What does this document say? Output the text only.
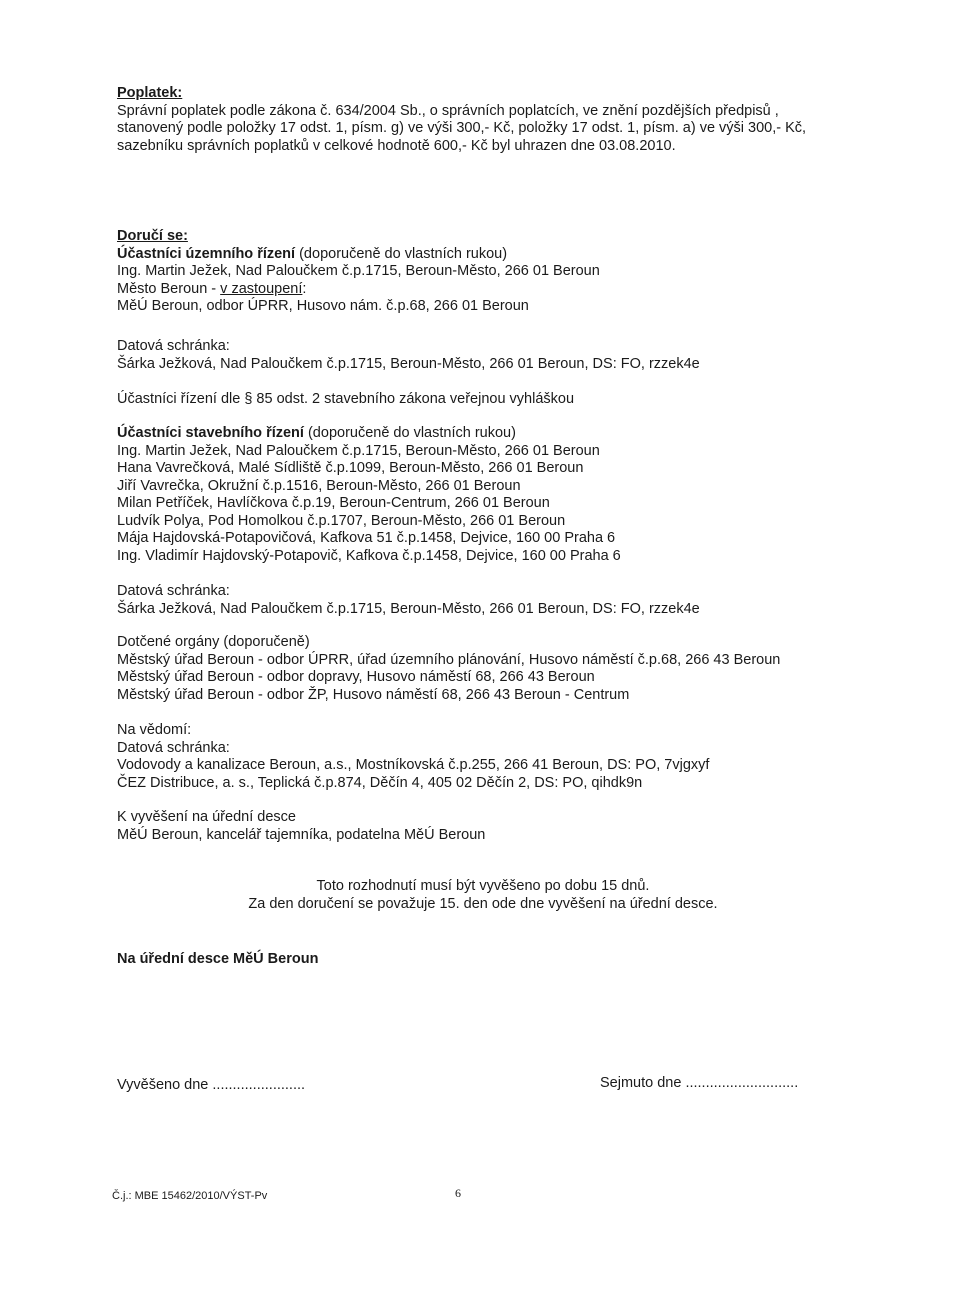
Poplatek:
Správní poplatek podle zákona č. 634/2004 Sb., o správních poplatcích, ve znění pozdějších předpisů ,
stanovený podle položky 17 odst. 1, písm. g) ve výši 300,- Kč, položky 17 odst. 1, písm. a) ve výši 300,- Kč,
sazebníku správních poplatků v celkové hodnotě 600,- Kč byl uhrazen dne 03.08.2010.
Doručí se:
Účastníci územního řízení (doporučeně do vlastních rukou)
Ing. Martin Ježek, Nad Paloučkem č.p.1715, Beroun-Město, 266 01 Beroun
Město Beroun - v zastoupení:
MěÚ Beroun, odbor ÚPRR, Husovo nám. č.p.68, 266 01 Beroun
Datová schránka:
Šárka Ježková, Nad Paloučkem č.p.1715, Beroun-Město, 266 01 Beroun, DS: FO, rzzek4e
Účastníci řízení dle § 85 odst. 2 stavebního zákona veřejnou vyhláškou
Účastníci stavebního řízení (doporučeně do vlastních rukou)
Ing. Martin Ježek, Nad Paloučkem č.p.1715, Beroun-Město, 266 01 Beroun
Hana Vavrečková, Malé Sídliště č.p.1099, Beroun-Město, 266 01 Beroun
Jiří Vavrečka, Okružní č.p.1516, Beroun-Město, 266 01 Beroun
Milan Petříček, Havlíčkova č.p.19, Beroun-Centrum, 266 01 Beroun
Ludvík Polya, Pod Homolkou č.p.1707, Beroun-Město, 266 01 Beroun
Mája Hajdovská-Potapovičová, Kafkova 51 č.p.1458, Dejvice, 160 00 Praha 6
Ing. Vladimír Hajdovský-Potapovič, Kafkova č.p.1458, Dejvice, 160 00 Praha 6
Datová schránka:
Šárka Ježková, Nad Paloučkem č.p.1715, Beroun-Město, 266 01 Beroun, DS: FO, rzzek4e
Dotčené orgány (doporučeně)
Městský úřad Beroun - odbor ÚPRR, úřad územního plánování, Husovo náměstí č.p.68, 266 43 Beroun
Městský úřad Beroun - odbor dopravy, Husovo náměstí 68, 266 43 Beroun
Městský úřad Beroun - odbor ŽP, Husovo náměstí 68, 266 43 Beroun - Centrum
Na vědomí:
Datová schránka:
Vodovody a kanalizace Beroun, a.s., Mostníkovská č.p.255, 266 41 Beroun, DS: PO, 7vjgxyf
ČEZ Distribuce, a. s., Teplická č.p.874, Děčín 4, 405 02 Děčín 2, DS: PO, qihdk9n
K vyvěšení na úřední desce
MěÚ Beroun, kancelář tajemníka, podatelna MěÚ Beroun
Toto rozhodnutí musí být vyvěšeno po dobu 15 dnů.
Za den doručení se považuje 15. den ode dne vyvěšení na úřední desce.
Na úřední desce MěÚ Beroun
Vyvěšeno dne .......................	Sejmuto dne ............................
Č.j.: MBE 15462/2010/VÝST-Pv	6
